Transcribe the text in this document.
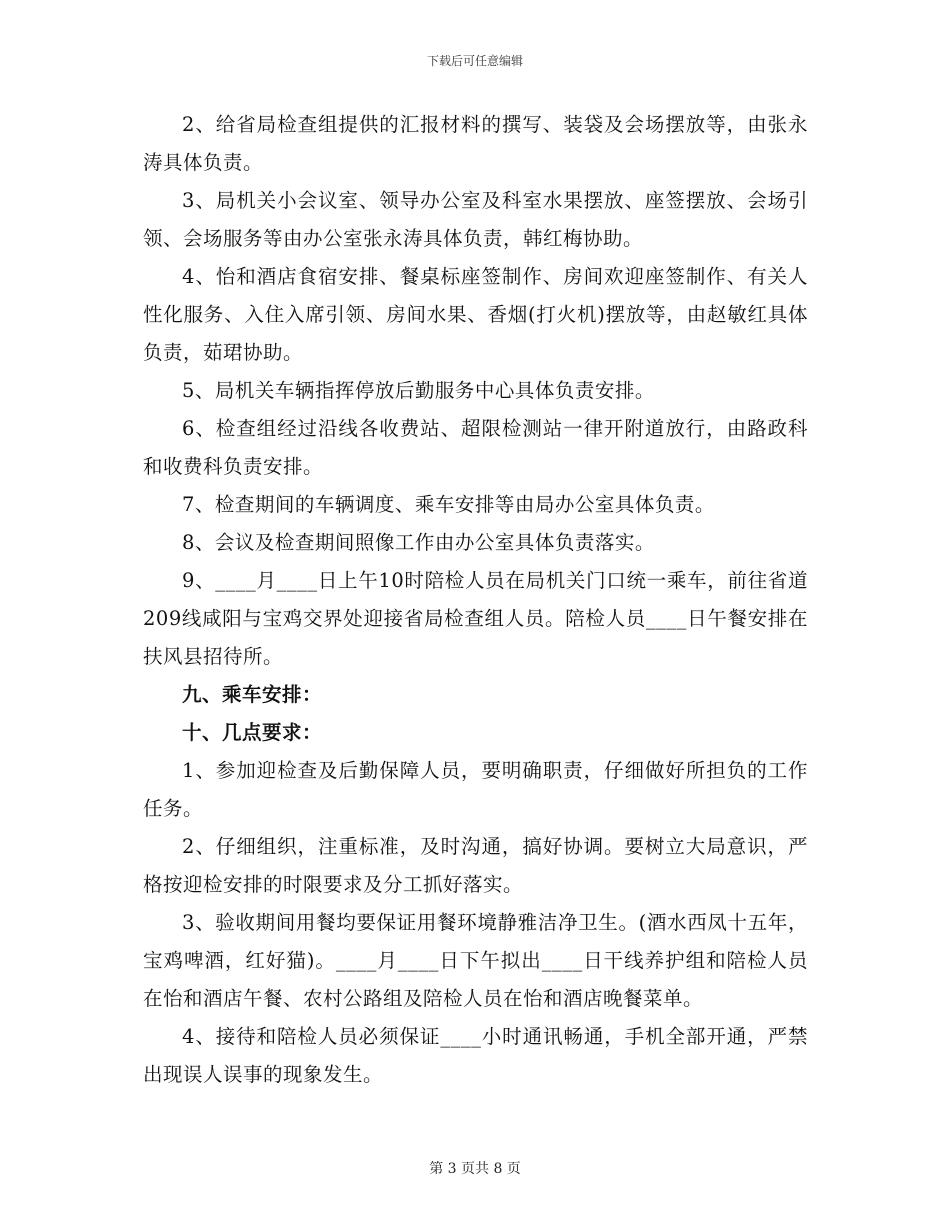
下载后可任意编辑

2、给省局检查组提供的汇报材料的撰写、装袋及会场摆放等，由张永涛具体负责。

3、局机关小会议室、领导办公室及科室水果摆放、座签摆放、会场引领、会场服务等由办公室张永涛具体负责，韩红梅协助。

4、怡和酒店食宿安排、餐桌标座签制作、房间欢迎座签制作、有关人性化服务、入住入席引领、房间水果、香烟(打火机)摆放等，由赵敏红具体负责，茹珺协助。

5、局机关车辆指挥停放后勤服务中心具体负责安排。

6、检查组经过沿线各收费站、超限检测站一律开附道放行，由路政科和收费科负责安排。

7、检查期间的车辆调度、乘车安排等由局办公室具体负责。

8、会议及检查期间照像工作由办公室具体负责落实。

9、____月____日上午10时陪检人员在局机关门口统一乘车，前往省道209线咸阳与宝鸡交界处迎接省局检查组人员。陪检人员____日午餐安排在扶风县招待所。

九、乘车安排：

十、几点要求：

1、参加迎检查及后勤保障人员，要明确职责，仔细做好所担负的工作任务。

2、仔细组织，注重标准，及时沟通，搞好协调。要树立大局意识，严格按迎检安排的时限要求及分工抓好落实。

3、验收期间用餐均要保证用餐环境静雅洁净卫生。(酒水西凤十五年，宝鸡啤酒，红好猫)。____月____日下午拟出____日干线养护组和陪检人员在怡和酒店午餐、农村公路组及陪检人员在怡和酒店晚餐菜单。

4、接待和陪检人员必须保证____小时通讯畅通，手机全部开通，严禁出现误人误事的现象发生。

第 3 页共 8 页
